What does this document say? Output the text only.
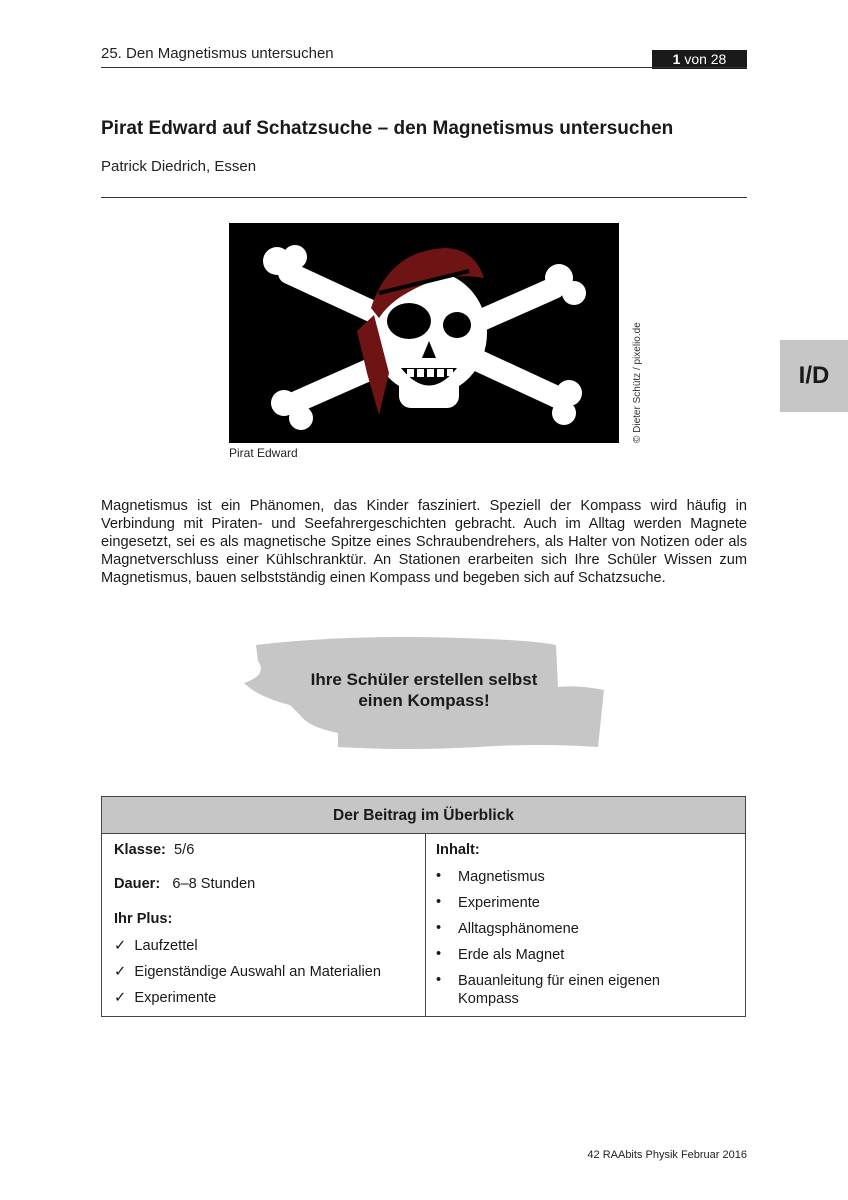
25. Den Magnetismus untersuchen	1 von 28
Pirat Edward auf Schatzsuche – den Magnetismus untersuchen
Patrick Diedrich, Essen
© Dieter Schütz / pixelio.de
Pirat Edward

Magnetismus ist ein Phänomen, das Kinder fasziniert. Speziell der Kompass wird häufig in Verbindung mit Piraten- und Seefahrergeschichten gebracht. Auch im Alltag werden Magnete eingesetzt, sei es als magnetische Spitze eines Schraubendrehers, als Halter von Notizen oder als Magnetverschluss einer Kühlschranktür. An Stationen erarbeiten sich Ihre Schüler Wissen zum Magnetismus, bauen selbstständig einen Kompass und begeben sich auf Schatzsuche.

Ihre Schüler erstellen selbst
einen Kompass!
Der Beitrag im Überblick
Klasse: 5/6
Dauer: 6–8 Stunden
Ihr Plus:
✓ Laufzettel
✓ Eigenständige Auswahl an Materialien
✓ Experimente
Inhalt:
• Magnetismus
• Experimente
• Alltagsphänomene
• Erde als Magnet
• Bauanleitung für einen eigenen Kompass
I/D
42 RAAbits Physik Februar 2016
